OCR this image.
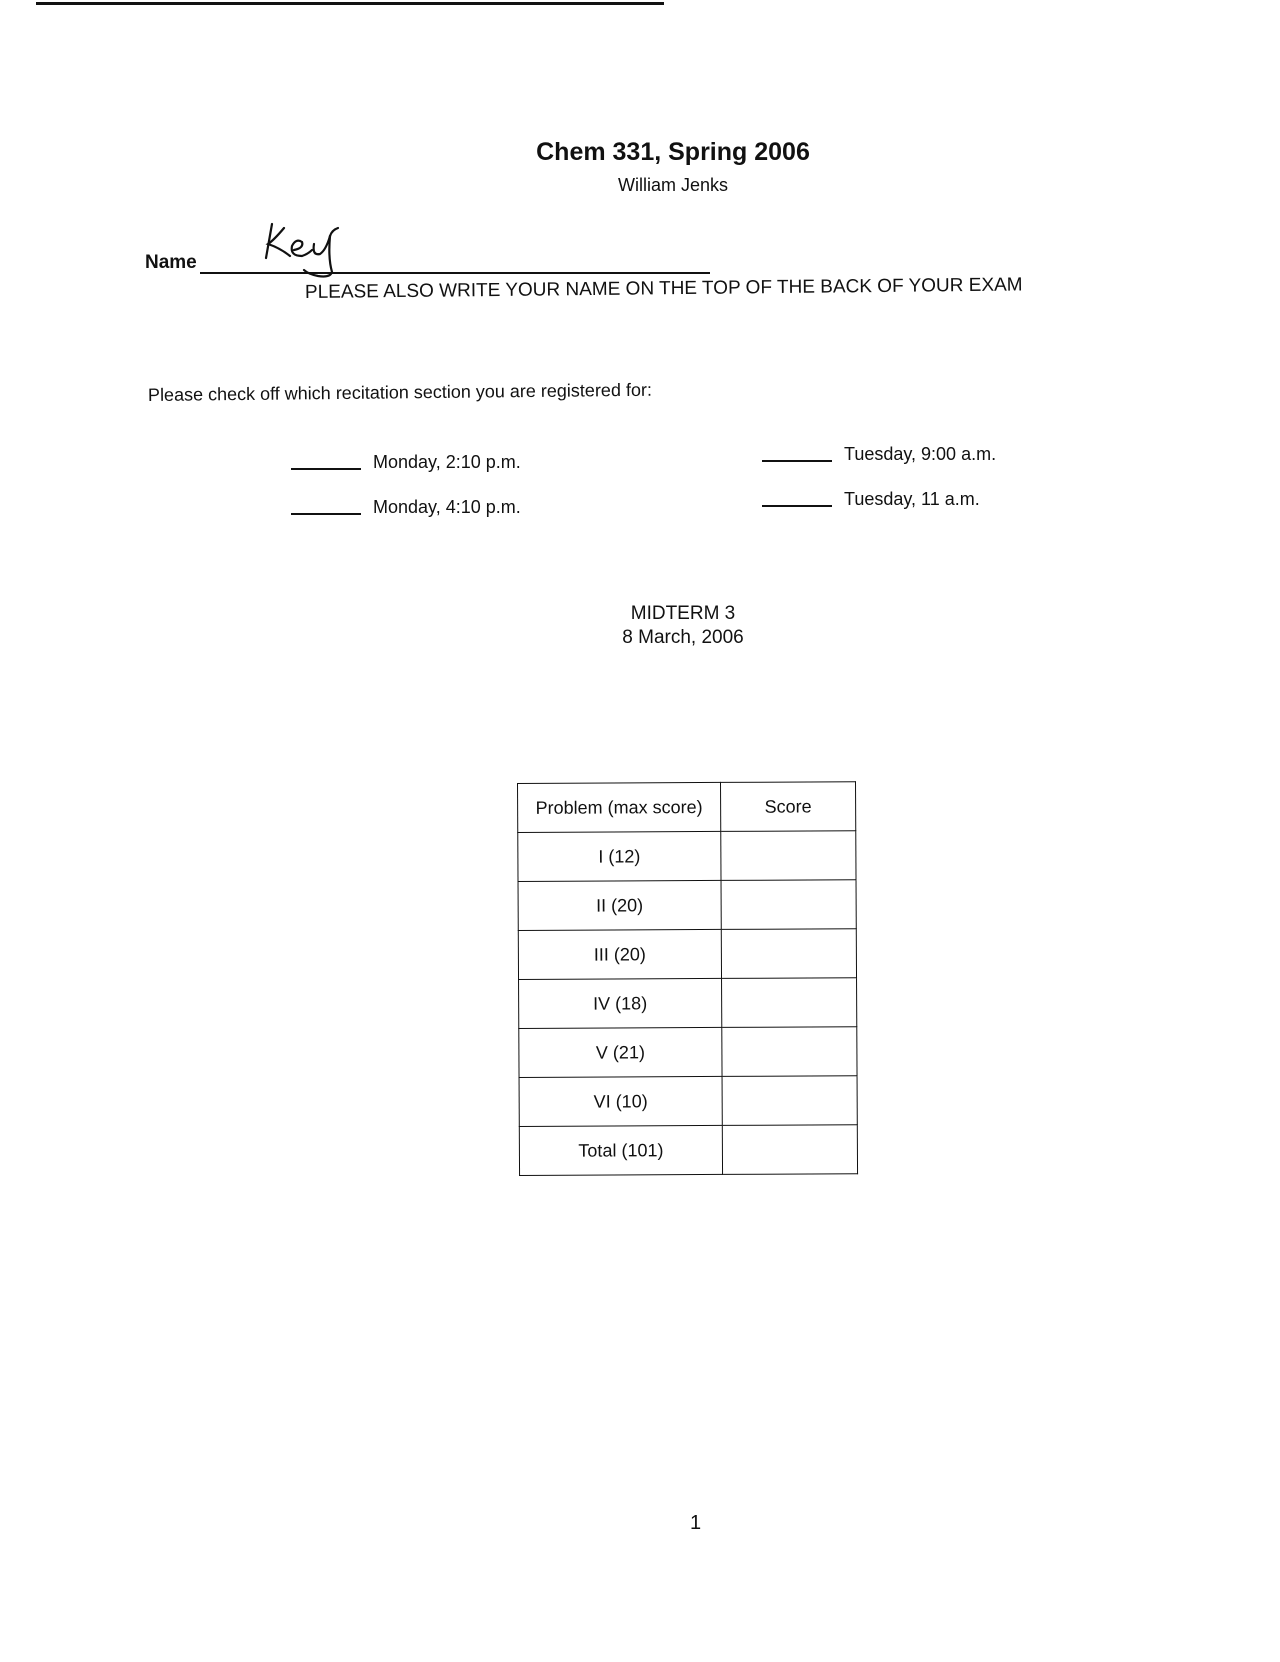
Chem 331, Spring 2006
William Jenks
Name
PLEASE ALSO WRITE YOUR NAME ON THE TOP OF THE BACK OF YOUR EXAM
Please check off which recitation section you are registered for:
Monday, 2:10 p.m.
Monday, 4:10 p.m.
Tuesday, 9:00 a.m.
Tuesday, 11 a.m.
MIDTERM 3
8 March, 2006
Problem (max score)	Score
I (12)	
II (20)	
III (20)	
IV (18)	
V (21)	
VI (10)	
Total (101)	
1
